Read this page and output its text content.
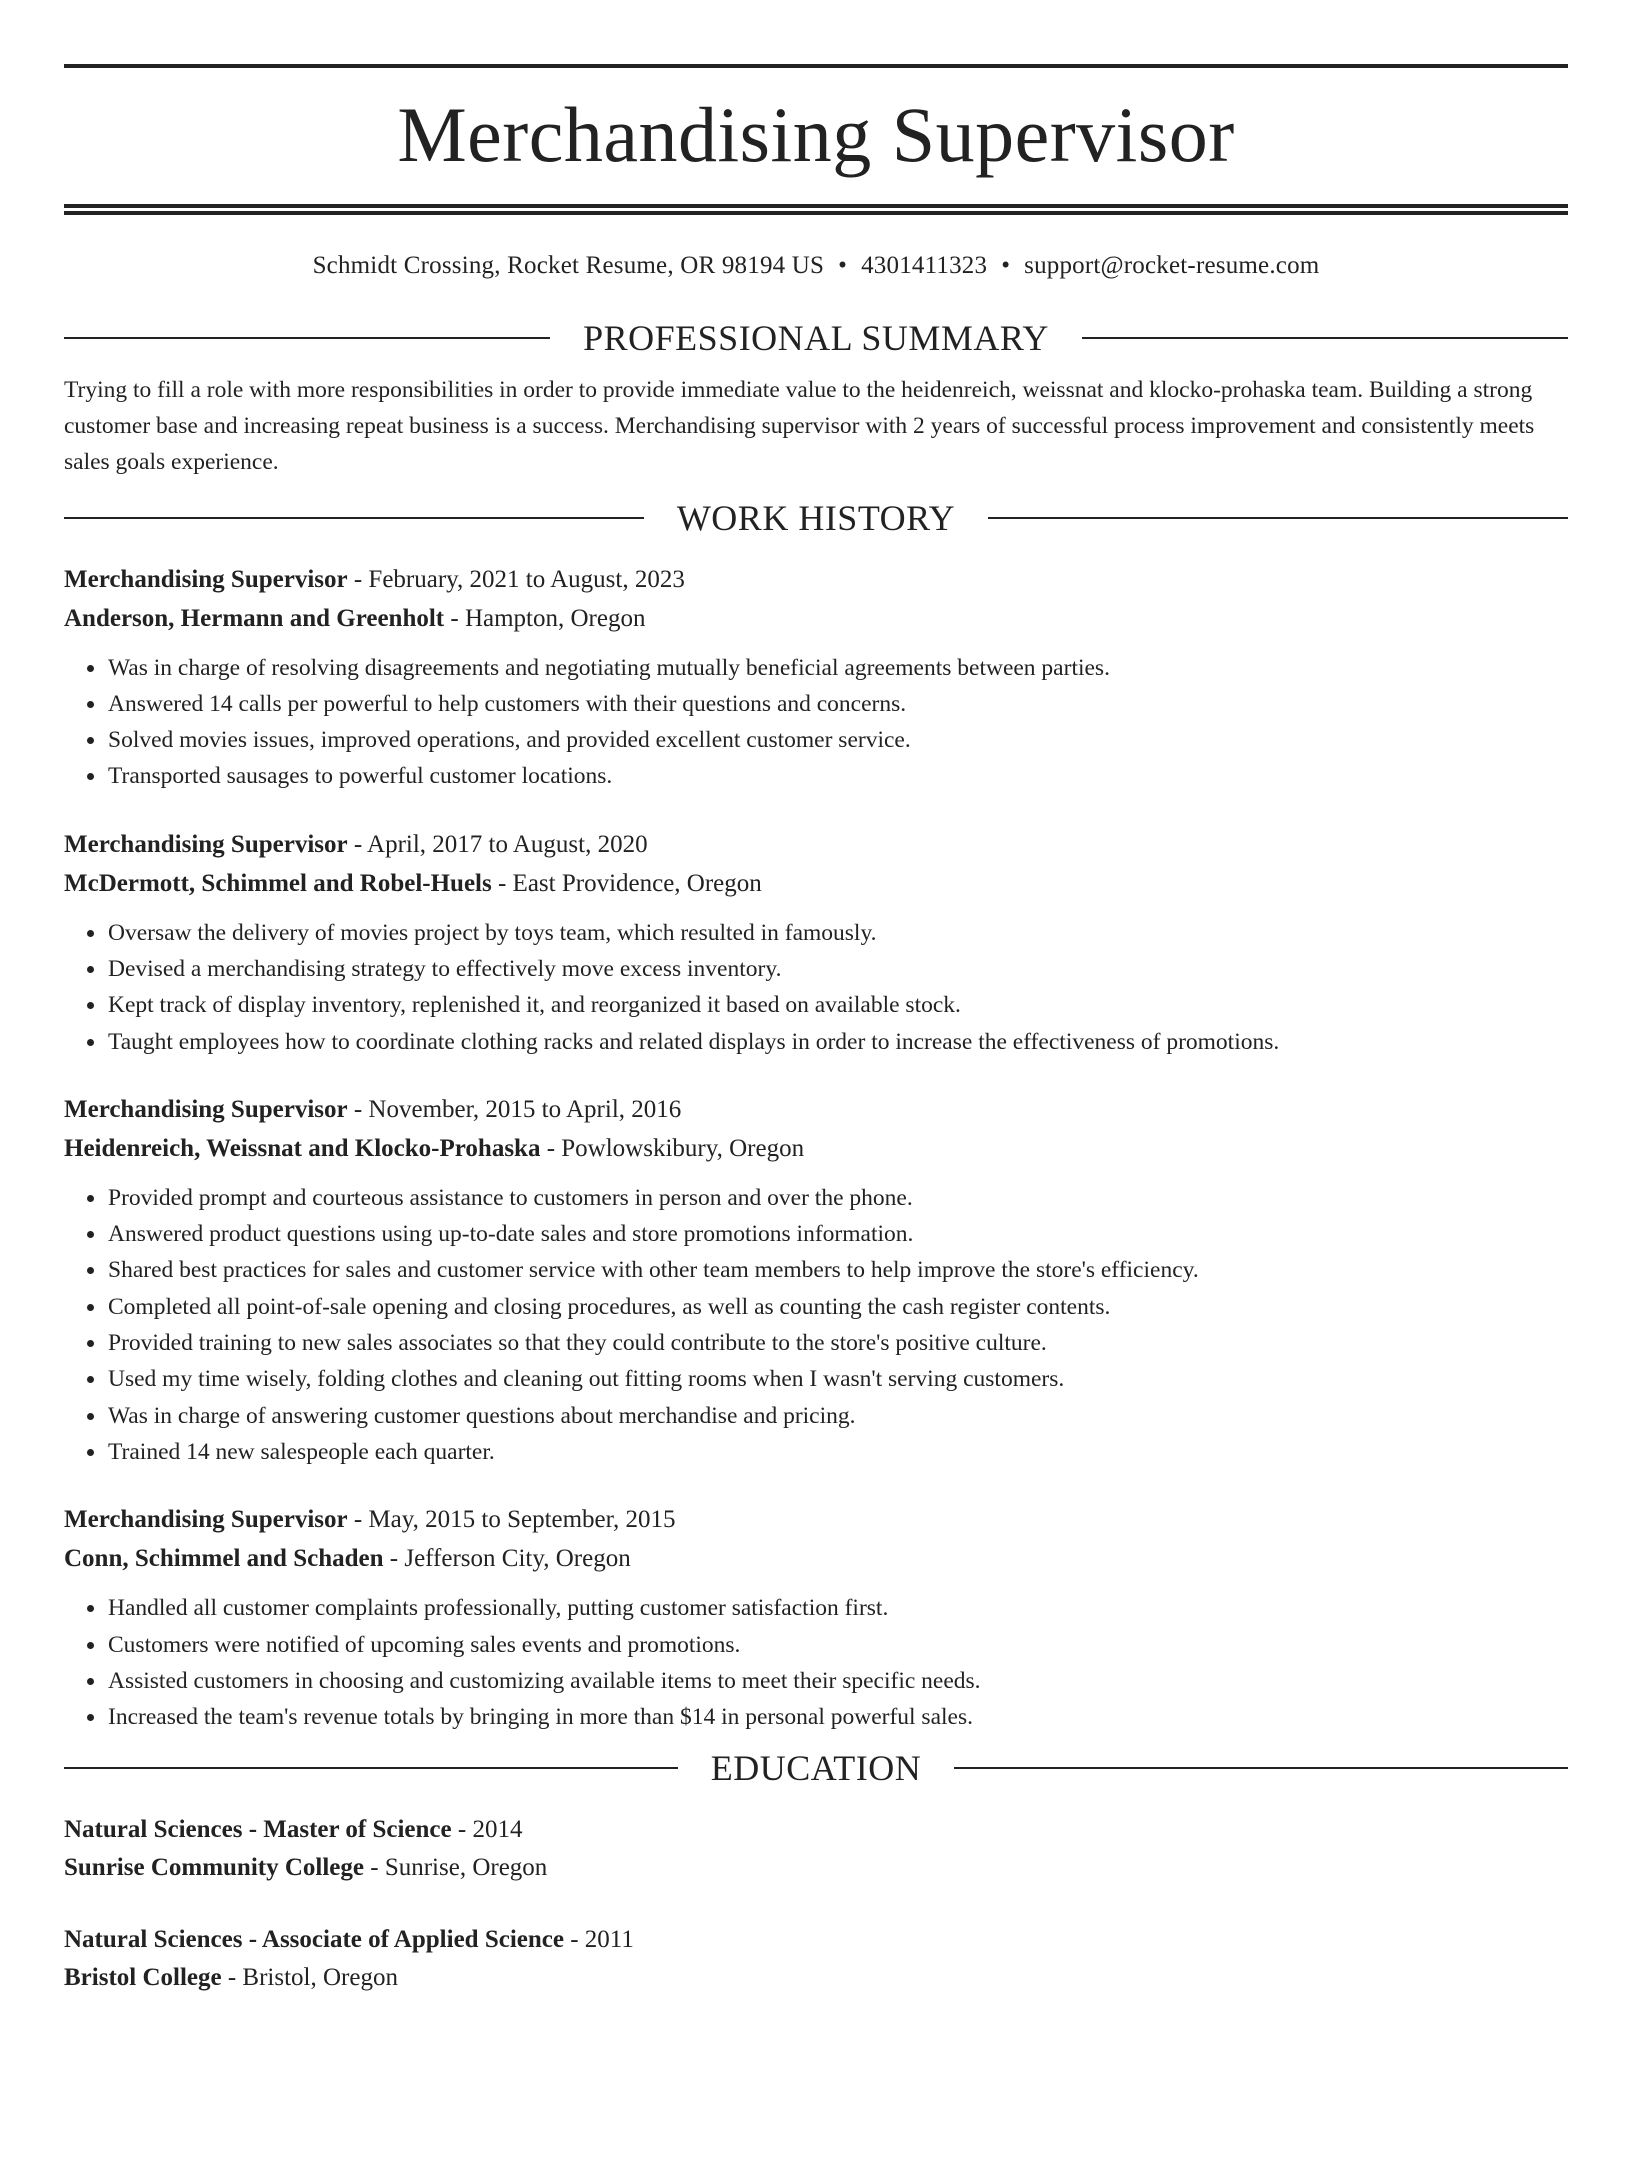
Merchandising Supervisor
Schmidt Crossing, Rocket Resume, OR 98194 US • 4301411323 • support@rocket-resume.com
PROFESSIONAL SUMMARY

Trying to fill a role with more responsibilities in order to provide immediate value to the heidenreich, weissnat and klocko-prohaska team. Building a strong customer base and increasing repeat business is a success. Merchandising supervisor with 2 years of successful process improvement and consistently meets sales goals experience.

WORK HISTORY
Merchandising Supervisor - February, 2021 to August, 2023
Anderson, Hermann and Greenholt - Hampton, Oregon
• Was in charge of resolving disagreements and negotiating mutually beneficial agreements between parties.
• Answered 14 calls per powerful to help customers with their questions and concerns.
• Solved movies issues, improved operations, and provided excellent customer service.
• Transported sausages to powerful customer locations.
Merchandising Supervisor - April, 2017 to August, 2020
McDermott, Schimmel and Robel-Huels - East Providence, Oregon
• Oversaw the delivery of movies project by toys team, which resulted in famously.
• Devised a merchandising strategy to effectively move excess inventory.
• Kept track of display inventory, replenished it, and reorganized it based on available stock.
• Taught employees how to coordinate clothing racks and related displays in order to increase the effectiveness of promotions.
Merchandising Supervisor - November, 2015 to April, 2016
Heidenreich, Weissnat and Klocko-Prohaska - Powlowskibury, Oregon
• Provided prompt and courteous assistance to customers in person and over the phone.
• Answered product questions using up-to-date sales and store promotions information.
• Shared best practices for sales and customer service with other team members to help improve the store's efficiency.
• Completed all point-of-sale opening and closing procedures, as well as counting the cash register contents.
• Provided training to new sales associates so that they could contribute to the store's positive culture.
• Used my time wisely, folding clothes and cleaning out fitting rooms when I wasn't serving customers.
• Was in charge of answering customer questions about merchandise and pricing.
• Trained 14 new salespeople each quarter.
Merchandising Supervisor - May, 2015 to September, 2015
Conn, Schimmel and Schaden - Jefferson City, Oregon
• Handled all customer complaints professionally, putting customer satisfaction first.
• Customers were notified of upcoming sales events and promotions.
• Assisted customers in choosing and customizing available items to meet their specific needs.
• Increased the team's revenue totals by bringing in more than $14 in personal powerful sales.
EDUCATION
Natural Sciences - Master of Science - 2014
Sunrise Community College - Sunrise, Oregon
Natural Sciences - Associate of Applied Science - 2011
Bristol College - Bristol, Oregon
